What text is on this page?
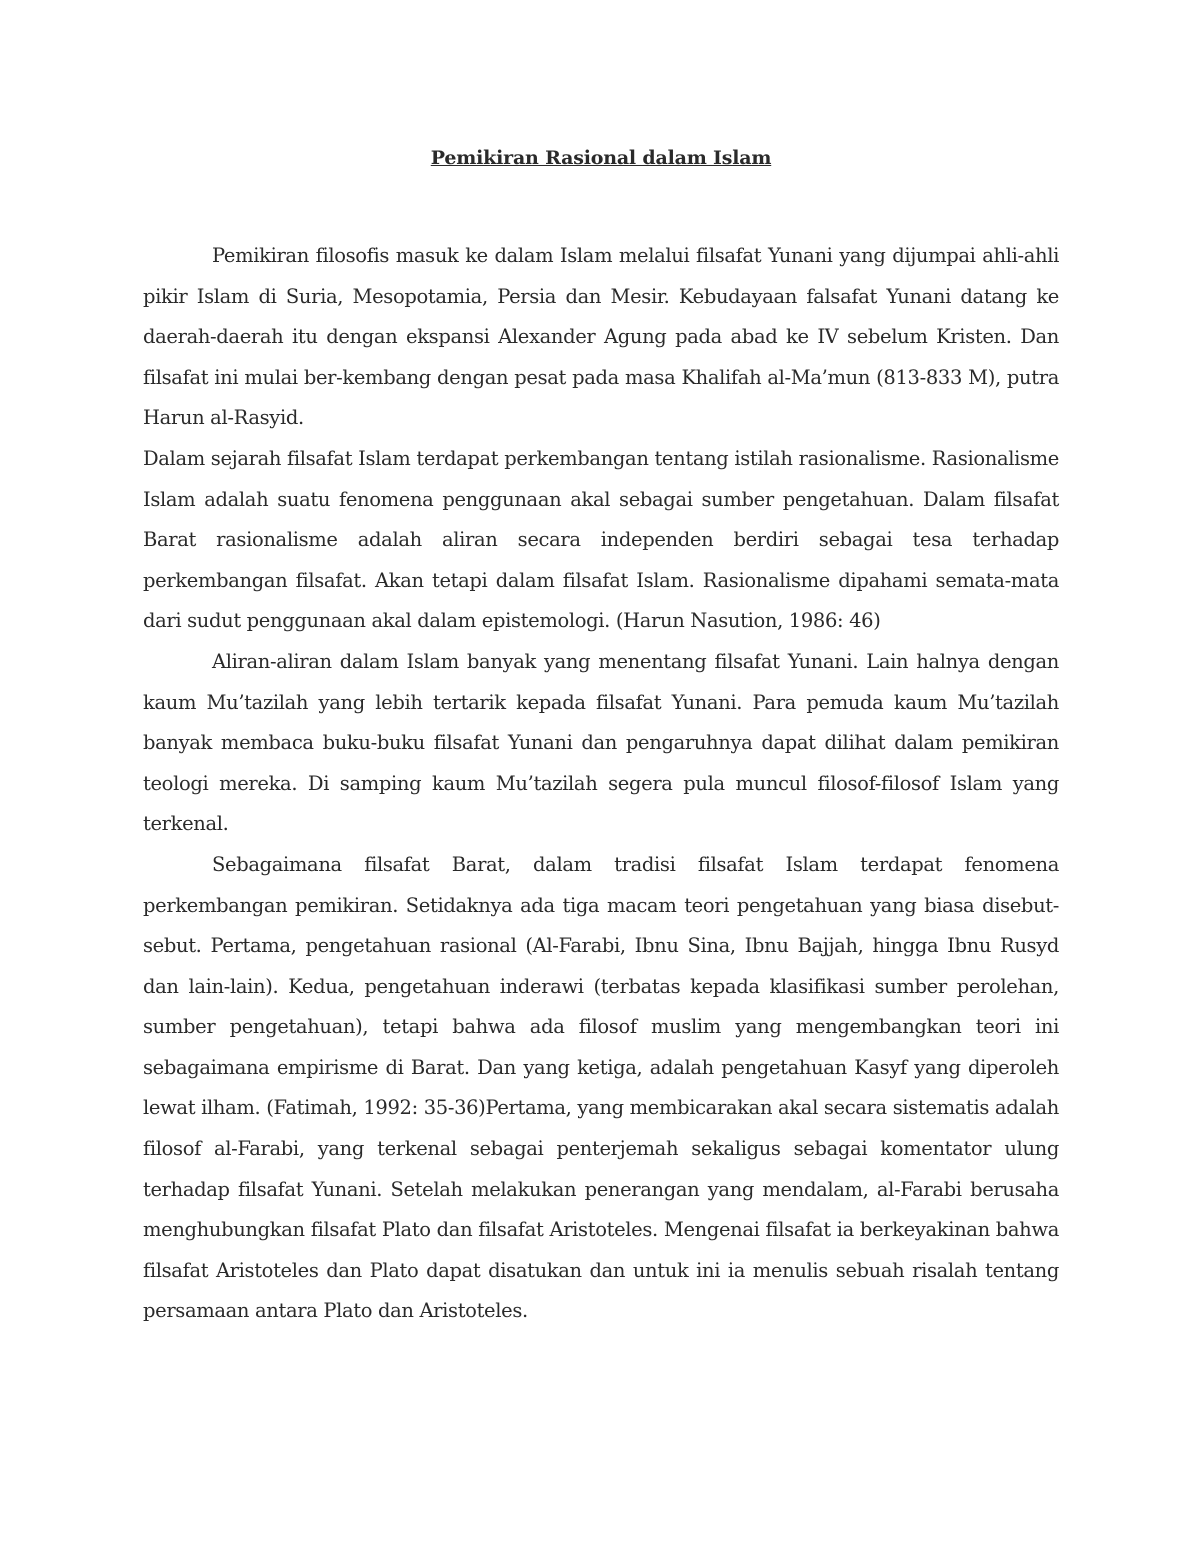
Pemikiran Rasional dalam Islam

Pemikiran filosofis masuk ke dalam Islam melalui filsafat Yunani yang dijumpai ahli-ahli pikir Islam di Suria, Mesopotamia, Persia dan Mesir. Kebudayaan falsafat Yunani datang ke daerah-daerah itu dengan ekspansi Alexander Agung pada abad ke IV sebelum Kristen. Dan filsafat ini mulai ber-kembang dengan pesat pada masa Khalifah al-Ma’mun (813-833 M), putra Harun al-Rasyid.

Dalam sejarah filsafat Islam terdapat perkembangan tentang istilah rasionalisme. Rasionalisme Islam adalah suatu fenomena penggunaan akal sebagai sumber pengetahuan. Dalam filsafat Barat rasionalisme adalah aliran secara independen berdiri sebagai tesa terhadap perkembangan filsafat. Akan tetapi dalam filsafat Islam. Rasionalisme dipahami semata-mata dari sudut penggunaan akal dalam epistemologi. (Harun Nasution, 1986: 46)

Aliran-aliran dalam Islam banyak yang menentang filsafat Yunani. Lain halnya dengan kaum Mu’tazilah yang lebih tertarik kepada filsafat Yunani. Para pemuda kaum Mu’tazilah banyak membaca buku-buku filsafat Yunani dan pengaruhnya dapat dilihat dalam pemikiran teologi mereka. Di samping kaum Mu’tazilah segera pula muncul filosof-filosof Islam yang terkenal.

Sebagaimana filsafat Barat, dalam tradisi filsafat Islam terdapat fenomena perkembangan pemikiran. Setidaknya ada tiga macam teori pengetahuan yang biasa disebut-sebut. Pertama, pengetahuan rasional (Al-Farabi, Ibnu Sina, Ibnu Bajjah, hingga Ibnu Rusyd dan lain-lain). Kedua, pengetahuan inderawi (terbatas kepada klasifikasi sumber perolehan, sumber pengetahuan), tetapi bahwa ada filosof muslim yang mengembangkan teori ini sebagaimana empirisme di Barat. Dan yang ketiga, adalah pengetahuan Kasyf yang diperoleh lewat ilham. (Fatimah, 1992: 35-36)Pertama, yang membicarakan akal secara sistematis adalah filosof al-Farabi, yang terkenal sebagai penterjemah sekaligus sebagai komentator ulung terhadap filsafat Yunani. Setelah melakukan penerangan yang mendalam, al-Farabi berusaha menghubungkan filsafat Plato dan filsafat Aristoteles. Mengenai filsafat ia berkeyakinan bahwa filsafat Aristoteles dan Plato dapat disatukan dan untuk ini ia menulis sebuah risalah tentang persamaan antara Plato dan Aristoteles.
